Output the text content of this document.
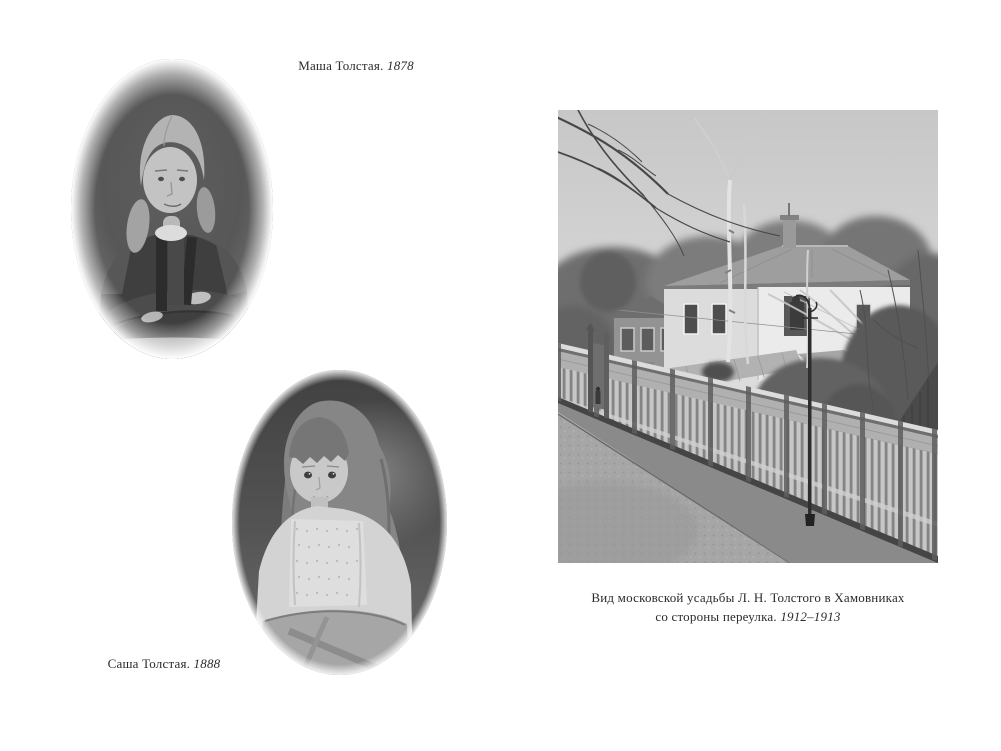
Маша Толстая. 1878

Саша Толстая. 1888

Вид московской усадьбы Л. Н. Толстого в Хамовниках
со стороны переулка. 1912–1913
